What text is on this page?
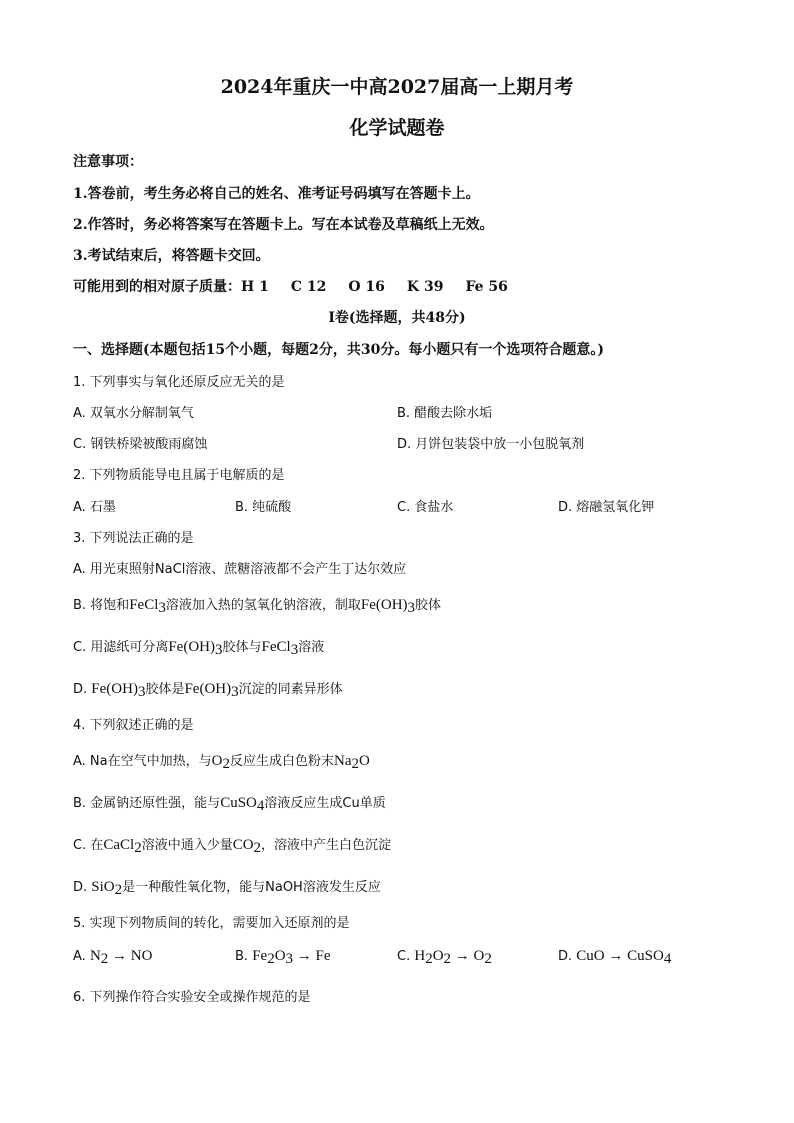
2024年重庆一中高2027届高一上期月考
化学试题卷
注意事项：
1.答卷前，考生务必将自己的姓名、准考证号码填写在答题卡上。
2.作答时，务必将答案写在答题卡上。写在本试卷及草稿纸上无效。
3.考试结束后，将答题卡交回。
可能用到的相对原子质量：H 1 C 12 O 16 K 39 Fe 56
I卷(选择题，共48分)
一、选择题(本题包括15个小题，每题2分，共30分。每小题只有一个选项符合题意。)
1. 下列事实与氧化还原反应无关的是
A. 双氧水分解制氧气	B. 醋酸去除水垢
C. 钢铁桥梁被酸雨腐蚀	D. 月饼包装袋中放一小包脱氧剂
2. 下列物质能导电且属于电解质的是
A. 石墨	B. 纯硫酸	C. 食盐水	D. 熔融氢氧化钾
3. 下列说法正确的是
A. 用光束照射NaCl溶液、蔗糖溶液都不会产生丁达尔效应
B. 将饱和FeCl$_3$溶液加入热的氢氧化钠溶液，制取$Fe(OH)_3$胶体
C. 用滤纸可分离$Fe(OH)_3$胶体与FeCl$_3$溶液
D. $Fe(OH)_3$胶体是$Fe(OH)_3$沉淀的同素异形体
4. 下列叙述正确的是
A. Na在空气中加热，与$O_2$反应生成白色粉末$Na_2O$
B. 金属钠还原性强，能与CuSO$_4$溶液反应生成Cu单质
C. 在CaCl$_2$溶液中通入少量$CO_2$，溶液中产生白色沉淀
D. SiO$_2$是一种酸性氧化物，能与NaOH溶液发生反应
5. 实现下列物质间的转化，需要加入还原剂的是
A. $N_2$ → NO	B. $Fe_2O_3 \to Fe$	C. $H_2O_2 \to O_2$	D. CuO → CuSO$_4$
6. 下列操作符合实验安全或操作规范的是
